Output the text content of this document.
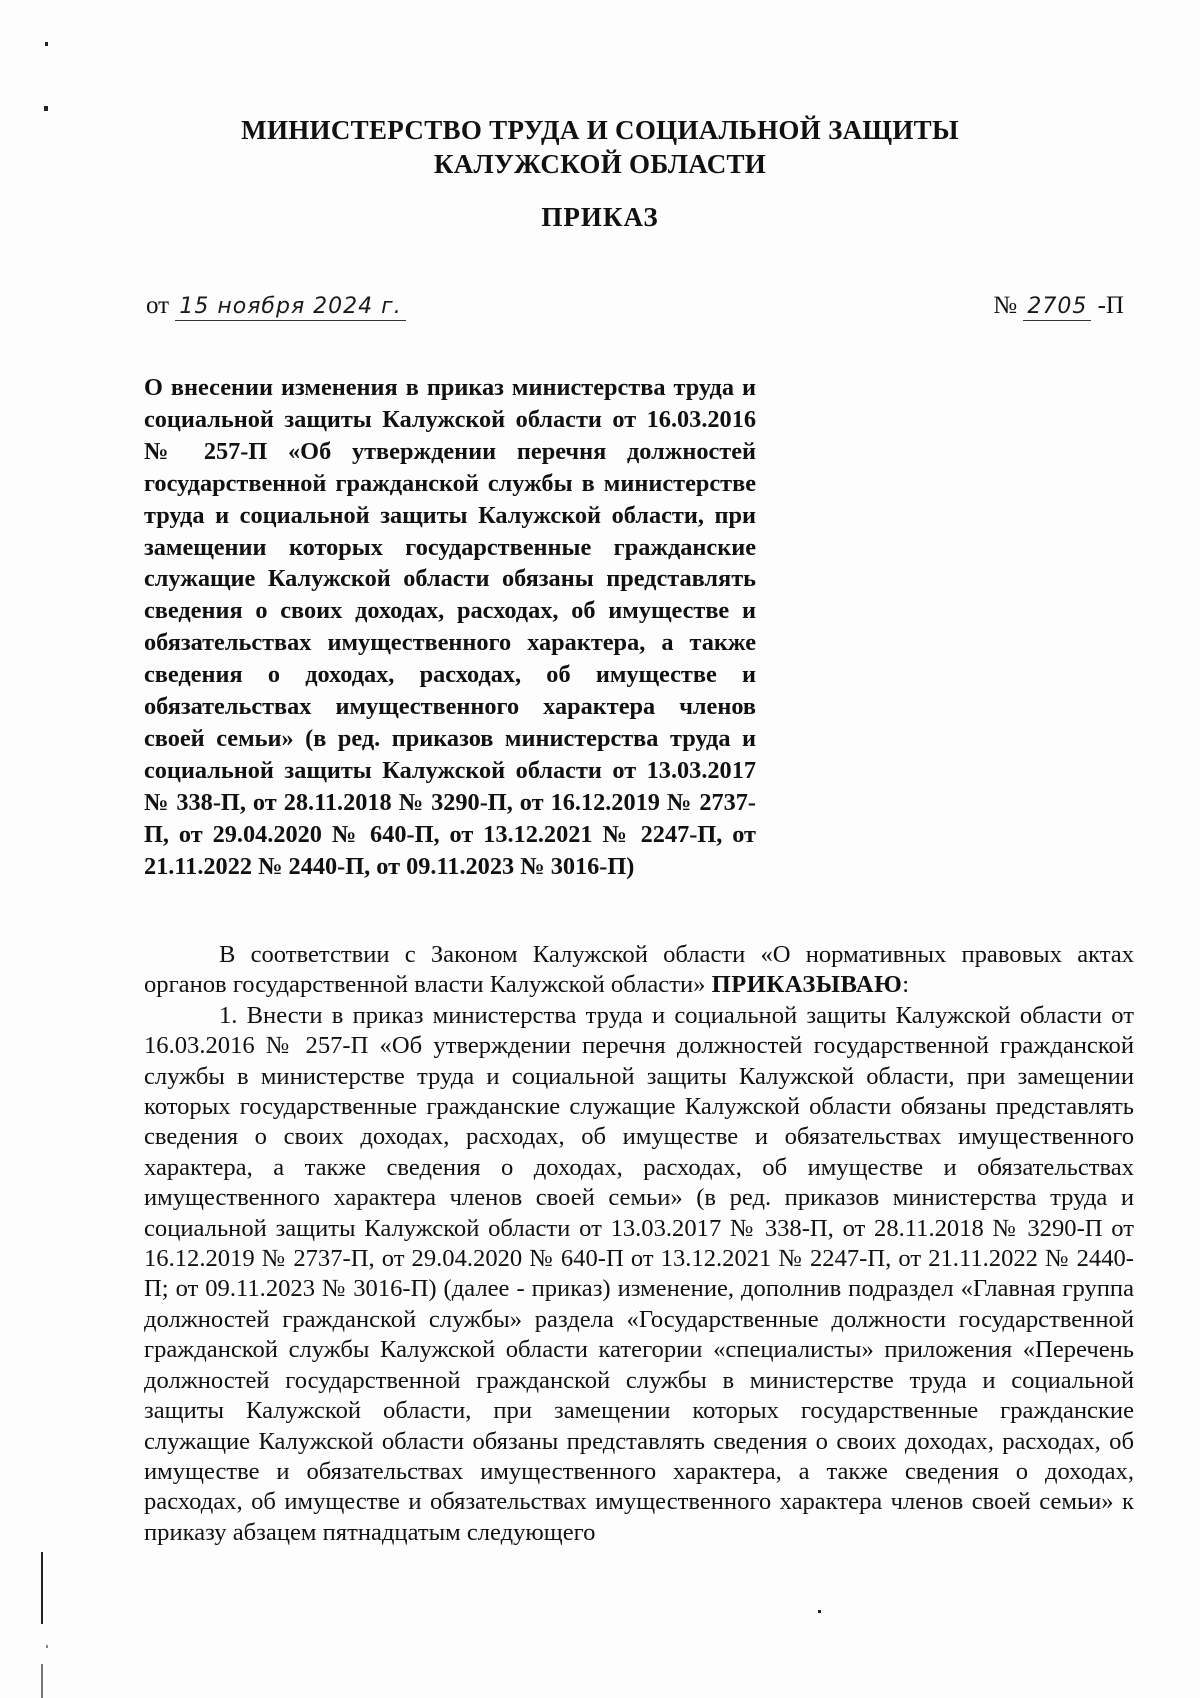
МИНИСТЕРСТВО ТРУДА И СОЦИАЛЬНОЙ ЗАЩИТЫ
КАЛУЖСКОЙ ОБЛАСТИ
ПРИКАЗ
от 15 ноября 2024 г.	№ 2705 -П
О внесении изменения в приказ министерства труда и социальной защиты Калужской области от 16.03.2016 № 257-П «Об утверждении перечня должностей государственной гражданской службы в министерстве труда и социальной защиты Калужской области, при замещении которых государственные гражданские служащие Калужской области обязаны представлять сведения о своих доходах, расходах, об имуществе и обязательствах имущественного характера, а также сведения о доходах, расходах, об имуществе и обязательствах имущественного характера членов своей семьи» (в ред. приказов министерства труда и социальной защиты Калужской области от 13.03.2017 № 338-П, от 28.11.2018 № 3290-П, от 16.12.2019 № 2737-П, от 29.04.2020 № 640-П, от 13.12.2021 № 2247-П, от 21.11.2022 № 2440-П, от 09.11.2023 № 3016-П)

В соответствии с Законом Калужской области «О нормативных правовых актах органов государственной власти Калужской области» ПРИКАЗЫВАЮ:

1. Внести в приказ министерства труда и социальной защиты Калужской области от 16.03.2016 № 257-П «Об утверждении перечня должностей государственной гражданской службы в министерстве труда и социальной защиты Калужской области, при замещении которых государственные гражданские служащие Калужской области обязаны представлять сведения о своих доходах, расходах, об имуществе и обязательствах имущественного характера, а также сведения о доходах, расходах, об имуществе и обязательствах имущественного характера членов своей семьи» (в ред. приказов министерства труда и социальной защиты Калужской области от 13.03.2017 № 338-П, от 28.11.2018 № 3290-П от 16.12.2019 № 2737-П, от 29.04.2020 № 640-П от 13.12.2021 № 2247-П, от 21.11.2022 № 2440-П; от 09.11.2023 № 3016-П) (далее - приказ) изменение, дополнив подраздел «Главная группа должностей гражданской службы» раздела «Государственные должности государственной гражданской службы Калужской области категории «специалисты» приложения «Перечень должностей государственной гражданской службы в министерстве труда и социальной защиты Калужской области, при замещении которых государственные гражданские служащие Калужской области обязаны представлять сведения о своих доходах, расходах, об имуществе и обязательствах имущественного характера, а также сведения о доходах, расходах, об имуществе и обязательствах имущественного характера членов своей семьи» к приказу абзацем пятнадцатым следующего
